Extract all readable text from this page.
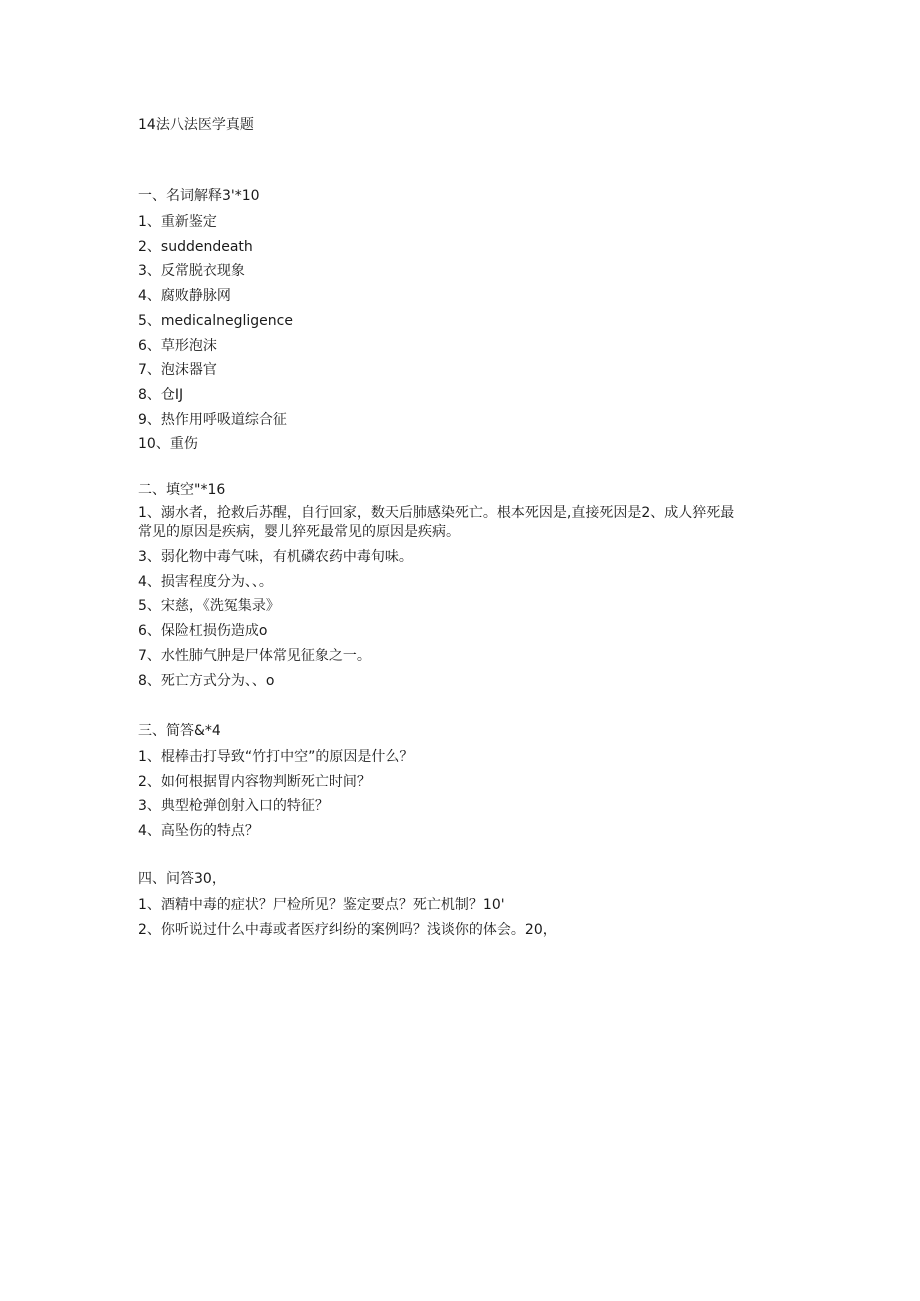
14法八法医学真题
一、名词解释3'*10
1、重新鉴定
2、suddendeath
3、反常脱衣现象
4、腐败静脉网
5、medicalnegligence
6、草形泡沫
7、泡沫器官
8、仓IJ
9、热作用呼吸道综合征
10、重伤
二、填空"*16
1、溺水者，抢救后苏醒，自行回家，数天后肺感染死亡。根本死因是,直接死因是2、成人猝死最常见的原因是疾病，婴儿猝死最常见的原因是疾病。
3、弱化物中毒气味，有机磷农药中毒旬味。
4、损害程度分为、、。
5、宋慈，《洗冤集录》
6、保险杠损伤造成o
7、水性肺气肿是尸体常见征象之一。
8、死亡方式分为、、o
三、简答&*4
1、棍棒击打导致“竹打中空”的原因是什么？
2、如何根据胃内容物判断死亡时间？
3、典型枪弹创射入口的特征？
4、高坠伤的特点？
四、问答30，
1、酒精中毒的症状？尸检所见？鉴定要点？死亡机制？10'
2、你听说过什么中毒或者医疗纠纷的案例吗？浅谈你的体会。20，
